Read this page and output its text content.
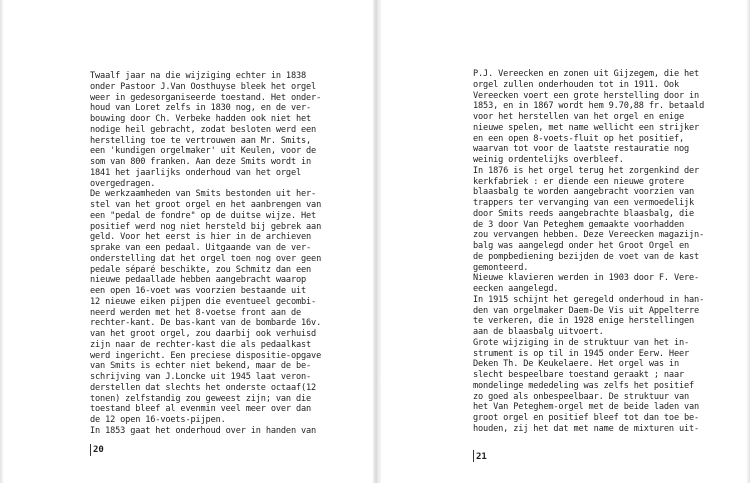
Twaalf jaar na die wijziging echter in 1838
onder Pastoor J.Van Oosthuyse bleek het orgel
weer in gedesorganiseerde toestand. Het onder-
houd van Loret zelfs in 1830 nog, en de ver-
bouwing door Ch. Verbeke hadden ook niet het
nodige heil gebracht, zodat besloten werd een
herstelling toe te vertrouwen aan Mr. Smits,
een 'kundigen orgelmaker' uit Keulen, voor de
som van 800 franken. Aan deze Smits wordt in
1841 het jaarlijks onderhoud van het orgel
overgedragen.
De werkzaamheden van Smits bestonden uit her-
stel van het groot orgel en het aanbrengen van
een "pedal de fondre" op de duitse wijze. Het
positief werd nog niet hersteld bij gebrek aan
geld. Voor het eerst is hier in de archieven
sprake van een pedaal. Uitgaande van de ver-
onderstelling dat het orgel toen nog over geen
pedale séparé beschikte, zou Schmitz dan een
nieuwe pedaallade hebben aangebracht waarop
een open 16-voet was voorzien bestaande uit
12 nieuwe eiken pijpen die eventueel gecombi-
neerd werden met het 8-voetse front aan de
rechter-kant. De bas-kant van de bombarde 16v.
van het groot orgel, zou daarbij ook verhuisd
zijn naar de rechter-kast die als pedaalkast
werd ingericht. Een preciese dispositie-opgave
van Smits is echter niet bekend, maar de be-
schrijving van J.Loncke uit 1945 laat veron-
derstellen dat slechts het onderste octaaf(12
tonen) zelfstandig zou geweest zijn; van die
toestand bleef al evenmin veel meer over dan
de 12 open 16-voets-pijpen.
In 1853 gaat het onderhoud over in handen van
20
P.J. Vereecken en zonen uit Gijzegem, die het
orgel zullen onderhouden tot in 1911. Ook
Vereecken voert een grote herstelling door in
1853, en in 1867 wordt hem 9.70,88 fr. betaald
voor het herstellen van het orgel en enige
nieuwe spelen, met name wellicht een strijker
en een open 8-voets-fluit op het positief,
waarvan tot voor de laatste restauratie nog
weinig ordentelijks overbleef.
In 1876 is het orgel terug het zorgenkind der
kerkfabriek : er diende een nieuwe grotere
blaasbalg te worden aangebracht voorzien van
trappers ter vervanging van een vermoedelijk
door Smits reeds aangebrachte blaasbalg, die
de 3 door Van Peteghem gemaakte voorhadden
zou vervangen hebben. Deze Vereecken magazijn-
balg was aangelegd onder het Groot Orgel en
de pompbediening bezijden de voet van de kast
gemonteerd.
Nieuwe klavieren werden in 1903 door F. Vere-
eecken aangelegd.
In 1915 schijnt het geregeld onderhoud in han-
den van orgelmaker Daem-De Vis uit Appelterre
te verkeren, die in 1928 enige herstellingen
aan de blaasbalg uitvoert.
Grote wijziging in de struktuur van het in-
strument is op til in 1945 onder Eerw. Heer
Deken Th. De Keukelaere. Het orgel was in
slecht bespeelbare toestand geraakt ; naar
mondelinge mededeling was zelfs het positief
zo goed als onbespeelbaar. De struktuur van
het Van Peteghem-orgel met de beide laden van
groot orgel en positief bleef tot dan toe be-
houden, zij het dat met name de mixturen uit-
21
